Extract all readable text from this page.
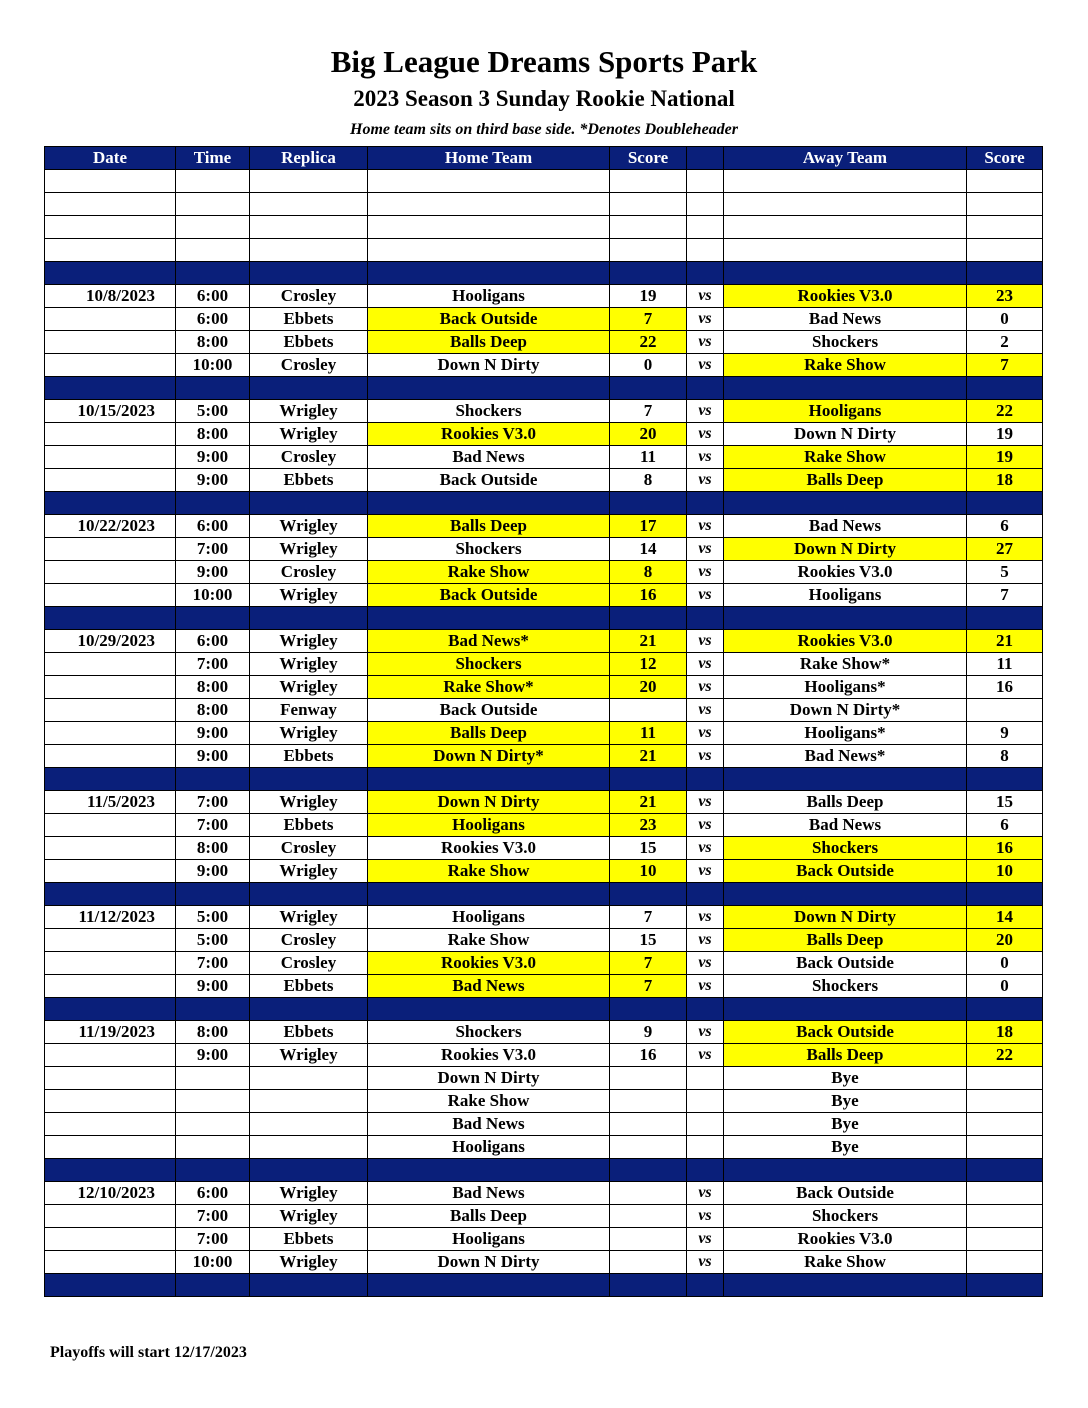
Big League Dreams Sports Park
2023 Season 3 Sunday Rookie National
Home team sits on third base side. *Denotes Doubleheader
Date	Time	Replica	Home Team	Score		Away Team	Score

10/8/2023	6:00	Crosley	Hooligans	19	vs	Rookies V3.0	23
	6:00	Ebbets	Back Outside	7	vs	Bad News	0
	8:00	Ebbets	Balls Deep	22	vs	Shockers	2
	10:00	Crosley	Down N Dirty	0	vs	Rake Show	7

10/15/2023	5:00	Wrigley	Shockers	7	vs	Hooligans	22
	8:00	Wrigley	Rookies V3.0	20	vs	Down N Dirty	19
	9:00	Crosley	Bad News	11	vs	Rake Show	19
	9:00	Ebbets	Back Outside	8	vs	Balls Deep	18

10/22/2023	6:00	Wrigley	Balls Deep	17	vs	Bad News	6
	7:00	Wrigley	Shockers	14	vs	Down N Dirty	27
	9:00	Crosley	Rake Show	8	vs	Rookies V3.0	5
	10:00	Wrigley	Back Outside	16	vs	Hooligans	7

10/29/2023	6:00	Wrigley	Bad News*	21	vs	Rookies V3.0	21
	7:00	Wrigley	Shockers	12	vs	Rake Show*	11
	8:00	Wrigley	Rake Show*	20	vs	Hooligans*	16
	8:00	Fenway	Back Outside		vs	Down N Dirty*	
	9:00	Wrigley	Balls Deep	11	vs	Hooligans*	9
	9:00	Ebbets	Down N Dirty*	21	vs	Bad News*	8

11/5/2023	7:00	Wrigley	Down N Dirty	21	vs	Balls Deep	15
	7:00	Ebbets	Hooligans	23	vs	Bad News	6
	8:00	Crosley	Rookies V3.0	15	vs	Shockers	16
	9:00	Wrigley	Rake Show	10	vs	Back Outside	10

11/12/2023	5:00	Wrigley	Hooligans	7	vs	Down N Dirty	14
	5:00	Crosley	Rake Show	15	vs	Balls Deep	20
	7:00	Crosley	Rookies V3.0	7	vs	Back Outside	0
	9:00	Ebbets	Bad News	7	vs	Shockers	0

11/19/2023	8:00	Ebbets	Shockers	9	vs	Back Outside	18
	9:00	Wrigley	Rookies V3.0	16	vs	Balls Deep	22
			Down N Dirty			Bye	
			Rake Show			Bye	
			Bad News			Bye	
			Hooligans			Bye	

12/10/2023	6:00	Wrigley	Bad News		vs	Back Outside	
	7:00	Wrigley	Balls Deep		vs	Shockers	
	7:00	Ebbets	Hooligans		vs	Rookies V3.0	
	10:00	Wrigley	Down N Dirty		vs	Rake Show	

Playoffs will start 12/17/2023
